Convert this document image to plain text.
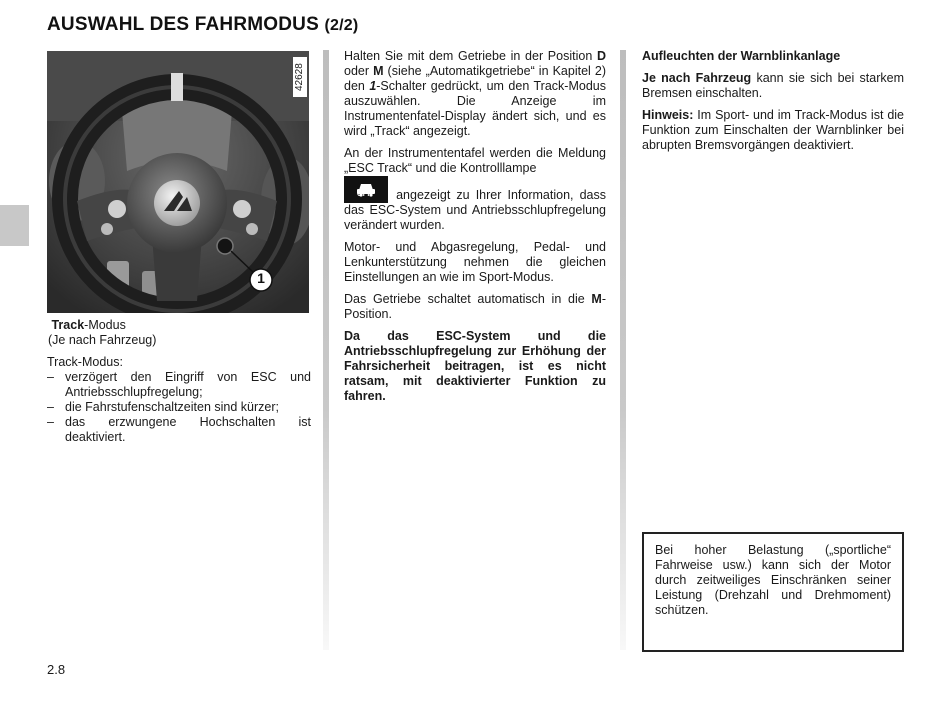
AUSWAHL DES FAHRMODUS (2/2)
1
42628
Track-Modus
(Je nach Fahrzeug)

Track-Modus:

– verzögert den Eingriff von ESC und Antriebsschlupfregelung;
– die Fahrstufenschaltzeiten sind kürzer;
– das erzwungene Hochschalten ist deaktiviert.

Halten Sie mit dem Getriebe in der Position D oder M (siehe „Automatikgetriebe“ in Kapitel 2) den 1-Schalter gedrückt, um den Track-Modus auszuwählen. Die Anzeige im Instrumentenfatel-Display ändert sich, und es wird „Track“ angezeigt.

An der Instrumententafel werden die Meldung „ESC Track“ und die Kontrolllampe

OFF angezeigt zu Ihrer Information, dass das ESC-System und Antriebsschlupfregelung verändert wurden.

Motor- und Abgasregelung, Pedal- und Lenkunterstützung nehmen die gleichen Einstellungen an wie im Sport-Modus.

Das Getriebe schaltet automatisch in die M-Position.

Da das ESC-System und die Antriebsschlupfregelung zur Erhöhung der Fahrsicherheit beitragen, ist es nicht ratsam, mit deaktivierter Funktion zu fahren.

Aufleuchten der Warnblinkanlage

Je nach Fahrzeug kann sie sich bei starkem Bremsen einschalten.

Hinweis: Im Sport- und im Track-Modus ist die Funktion zum Einschalten der Warnblinker bei abrupten Bremsvorgängen deaktiviert.

Bei hoher Belastung („sportliche“ Fahrweise usw.) kann sich der Motor durch zeitweiliges Einschränken seiner Leistung (Drehzahl und Drehmoment) schützen.
2.8
